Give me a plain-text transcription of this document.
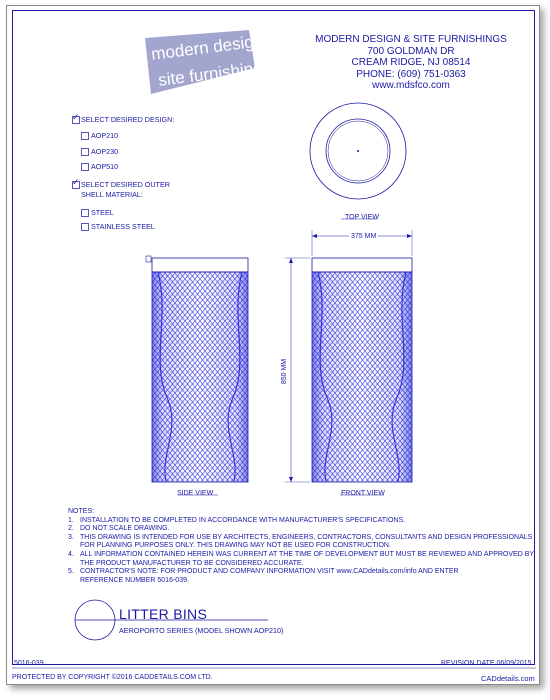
modern design
site furnishings
MODERN DESIGN & SITE FURNISHINGS
700 GOLDMAN DR
CREAM RIDGE, NJ 08514
PHONE: (609) 751-0363
www.mdsfco.com
✓ SELECT DESIRED DESIGN:
AOP210
AOP230
AOP510
✓ SELECT DESIRED OUTER
SHELL MATERIAL:
STEEL
STAINLESS STEEL
TOP VIEW
SIDE VIEW	FRONT VIEW
375 MM
850 MM
NOTES:
1. INSTALLATION TO BE COMPLETED IN ACCORDANCE WITH MANUFACTURER'S SPECIFICATIONS.
2. DO NOT SCALE DRAWING.
3. THIS DRAWING IS INTENDED FOR USE BY ARCHITECTS, ENGINEERS, CONTRACTORS, CONSULTANTS AND DESIGN PROFESSIONALS
FOR PLANNING PURPOSES ONLY. THIS DRAWING MAY NOT BE USED FOR CONSTRUCTION.
4. ALL INFORMATION CONTAINED HEREIN WAS CURRENT AT THE TIME OF DEVELOPMENT BUT MUST BE REVIEWED AND APPROVED BY
THE PRODUCT MANUFACTURER TO BE CONSIDERED ACCURATE.
5. CONTRACTOR'S NOTE: FOR PRODUCT AND COMPANY INFORMATION VISIT www.CADdetails.com/info AND ENTER
REFERENCE NUMBER 5016-039.
LITTER BINS
AEROPORTO SERIES (MODEL SHOWN AOP210)
5016-039	REVISION DATE 06/09/2015
PROTECTED BY COPYRIGHT ©2016 CADDETAILS.COM LTD.	CADdetails.com
